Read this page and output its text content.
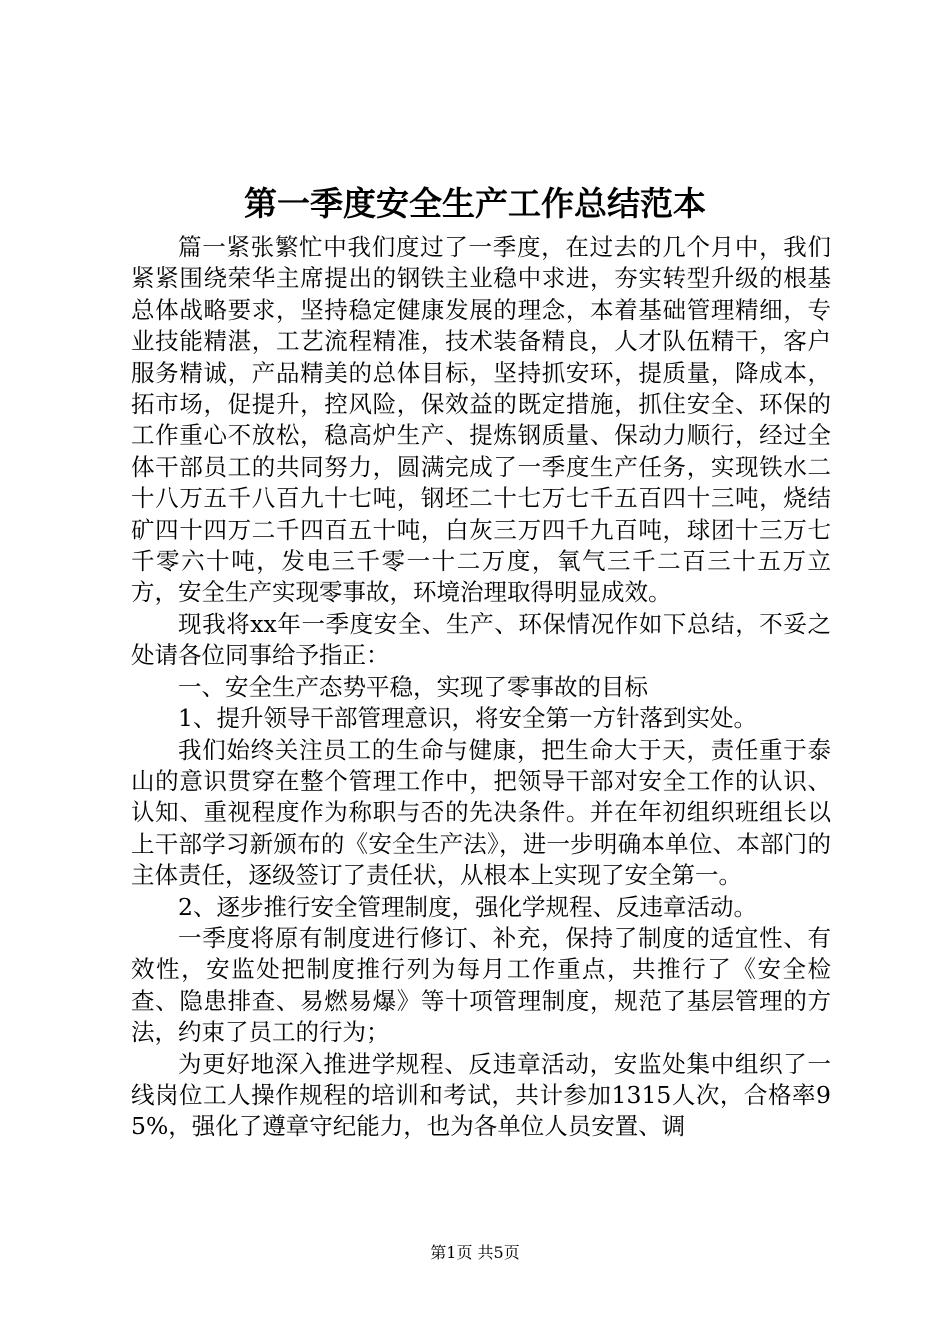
第一季度安全生产工作总结范本

篇一紧张繁忙中我们度过了一季度，在过去的几个月中，我们紧紧围绕荣华主席提出的钢铁主业稳中求进，夯实转型升级的根基总体战略要求，坚持稳定健康发展的理念，本着基础管理精细，专业技能精湛，工艺流程精准，技术装备精良，人才队伍精干，客户服务精诚，产品精美的总体目标，坚持抓安环，提质量，降成本，拓市场，促提升，控风险，保效益的既定措施，抓住安全、环保的工作重心不放松，稳高炉生产、提炼钢质量、保动力顺行，经过全体干部员工的共同努力，圆满完成了一季度生产任务，实现铁水二十八万五千八百九十七吨，钢坯二十七万七千五百四十三吨，烧结矿四十四万二千四百五十吨，白灰三万四千九百吨，球团十三万七千零六十吨，发电三千零一十二万度，氧气三千二百三十五万立方，安全生产实现零事故，环境治理取得明显成效。

现我将xx年一季度安全、生产、环保情况作如下总结，不妥之处请各位同事给予指正：

一、安全生产态势平稳，实现了零事故的目标

1、提升领导干部管理意识，将安全第一方针落到实处。

我们始终关注员工的生命与健康，把生命大于天，责任重于泰山的意识贯穿在整个管理工作中，把领导干部对安全工作的认识、认知、重视程度作为称职与否的先决条件。并在年初组织班组长以上干部学习新颁布的《安全生产法》，进一步明确本单位、本部门的主体责任，逐级签订了责任状，从根本上实现了安全第一。

2、逐步推行安全管理制度，强化学规程、反违章活动。

一季度将原有制度进行修订、补充，保持了制度的适宜性、有效性，安监处把制度推行列为每月工作重点，共推行了《安全检查、隐患排查、易燃易爆》等十项管理制度，规范了基层管理的方法，约束了员工的行为；

为更好地深入推进学规程、反违章活动，安监处集中组织了一线岗位工人操作规程的培训和考试，共计参加1315人次，合格率95%，强化了遵章守纪能力，也为各单位人员安置、调

第1页 共5页
